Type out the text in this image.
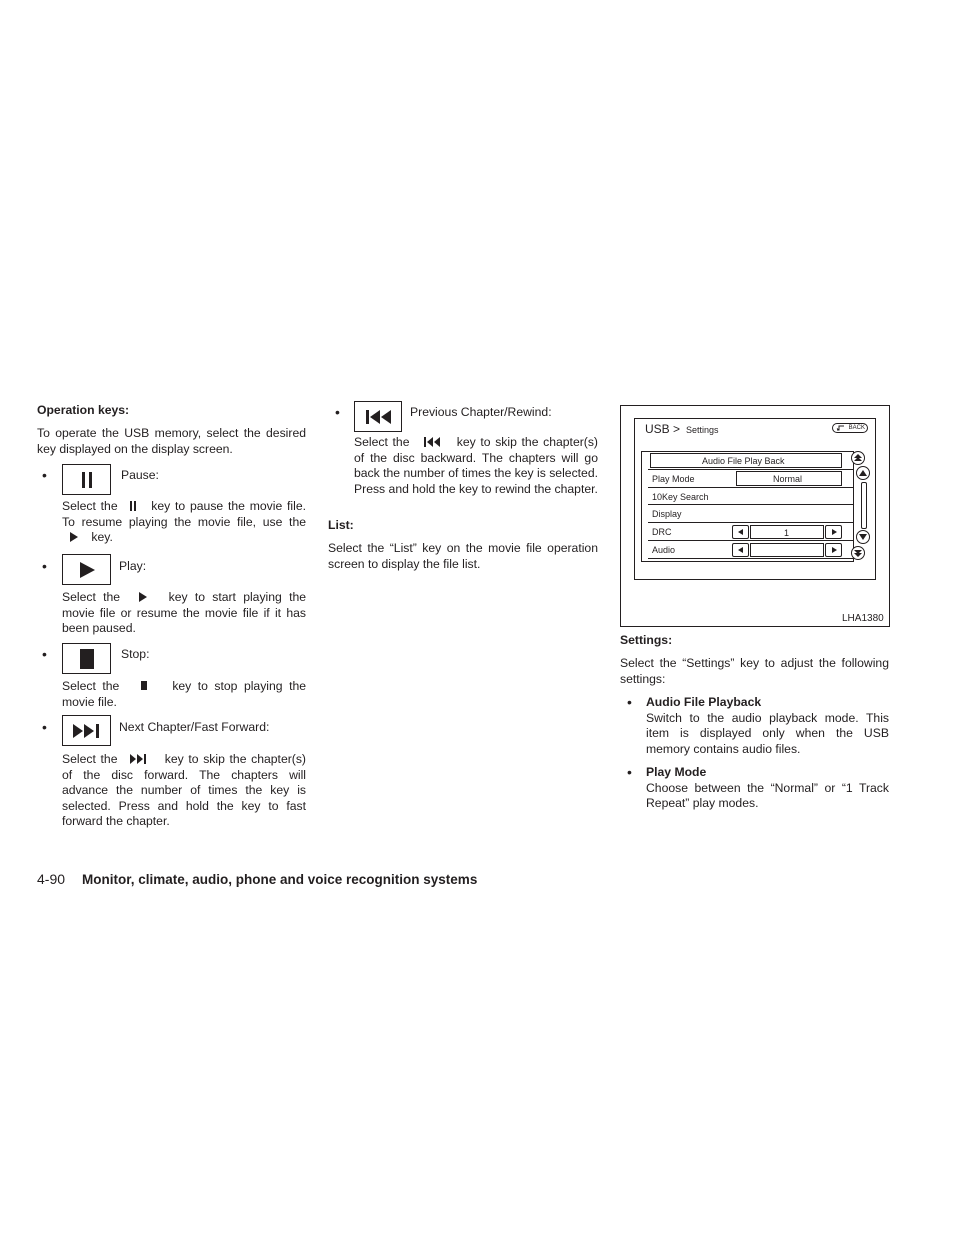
Operation keys:
To operate the USB memory, select the desired key displayed on the display screen.
•	Pause:
Select the	key to pause the movie file. To resume playing the movie file, use the  key.
•	Play:
Select the	key to start playing the movie file or resume the movie file if it has been paused.
•	Stop:
Select the	key to stop playing the movie file.
•	Next Chapter/Fast Forward:
Select the	key to skip the chapter(s) of the disc forward. The chapters will advance the number of times the key is selected. Press and hold the key to fast forward the chapter.
•	Previous Chapter/Rewind:
Select the	key to skip the chapter(s) of the disc backward. The chapters will go back the number of times the key is selected. Press and hold the key to rewind the chapter.
List:
Select the “List” key on the movie file operation screen to display the file list.
USB > Settings	BACK
Audio File Play Back
Play Mode	Normal
10Key Search
Display
DRC	1
Audio
LHA1380
Settings:
Select the “Settings” key to adjust the following settings:
• Audio File Playback

Switch to the audio playback mode. This item is displayed only when the USB memory contains audio files.

• Play Mode

Choose between the “Normal” or “1 Track Repeat” play modes.

4-90 Monitor, climate, audio, phone and voice recognition systems
